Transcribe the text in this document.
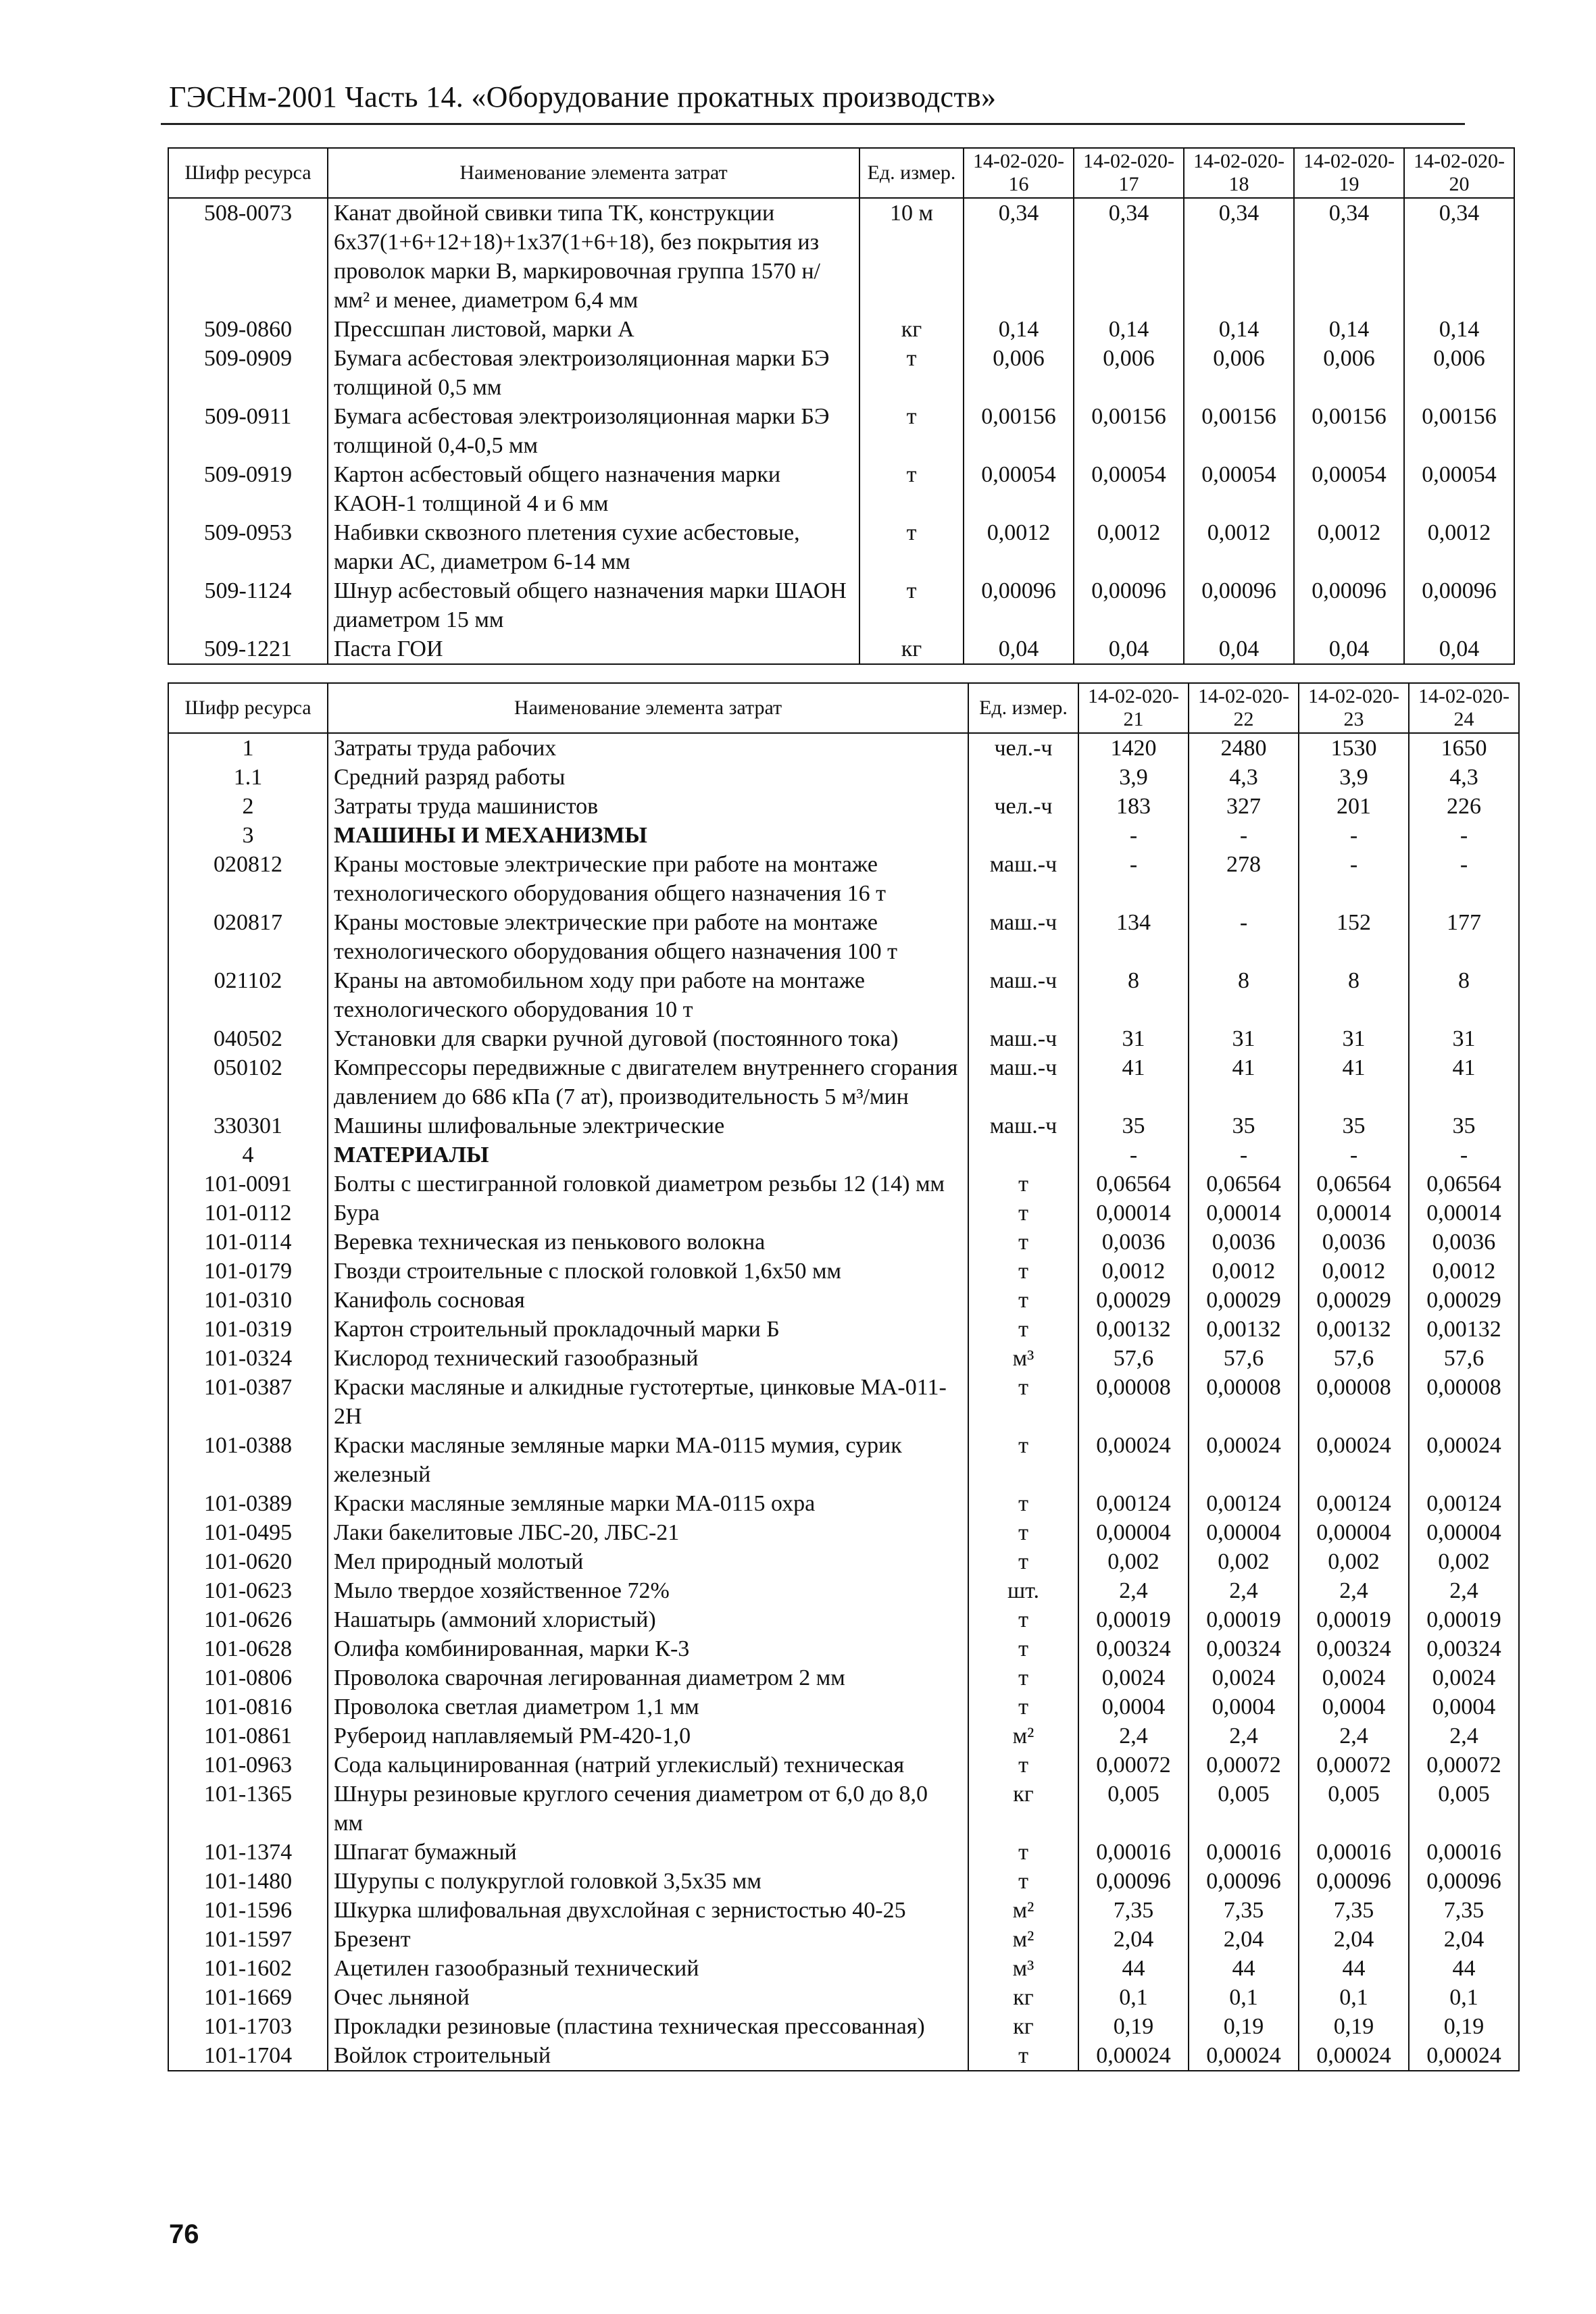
ГЭСНм-2001 Часть 14. «Оборудование прокатных производств»
Шифр ресурса	Наименование элемента затрат	Ед. измер.	14-02-020-16	14-02-020-17	14-02-020-18	14-02-020-19	14-02-020-20
508-0073	Канат двойной свивки типа ТК, конструкции 6х37(1+6+12+18)+1х37(1+6+18), без покрытия из проволок марки В, маркировочная группа 1570 н/мм² и менее, диаметром 6,4 мм	10 м	0,34	0,34	0,34	0,34	0,34
509-0860	Прессшпан листовой, марки А	кг	0,14	0,14	0,14	0,14	0,14
509-0909	Бумага асбестовая электроизоляционная марки БЭ толщиной 0,5 мм	т	0,006	0,006	0,006	0,006	0,006
509-0911	Бумага асбестовая электроизоляционная марки БЭ толщиной 0,4-0,5 мм	т	0,00156	0,00156	0,00156	0,00156	0,00156
509-0919	Картон асбестовый общего назначения марки КАОН-1 толщиной 4 и 6 мм	т	0,00054	0,00054	0,00054	0,00054	0,00054
509-0953	Набивки сквозного плетения сухие асбестовые, марки АС, диаметром 6-14 мм	т	0,0012	0,0012	0,0012	0,0012	0,0012
509-1124	Шнур асбестовый общего назначения марки ШАОН диаметром 15 мм	т	0,00096	0,00096	0,00096	0,00096	0,00096
509-1221	Паста ГОИ	кг	0,04	0,04	0,04	0,04	0,04
Шифр ресурса	Наименование элемента затрат	Ед. измер.	14-02-020-21	14-02-020-22	14-02-020-23	14-02-020-24
1	Затраты труда рабочих	чел.-ч	1420	2480	1530	1650
1.1	Средний разряд работы		3,9	4,3	3,9	4,3
2	Затраты труда машинистов	чел.-ч	183	327	201	226
3	МАШИНЫ И МЕХАНИЗМЫ		-	-	-	-
020812	Краны мостовые электрические при работе на монтаже технологического оборудования общего назначения 16 т	маш.-ч	-	278	-	-
020817	Краны мостовые электрические при работе на монтаже технологического оборудования общего назначения 100 т	маш.-ч	134	-	152	177
021102	Краны на автомобильном ходу при работе на монтаже технологического оборудования 10 т	маш.-ч	8	8	8	8
040502	Установки для сварки ручной дуговой (постоянного тока)	маш.-ч	31	31	31	31
050102	Компрессоры передвижные с двигателем внутреннего сгорания давлением до 686 кПа (7 ат), производительность 5 м³/мин	маш.-ч	41	41	41	41
330301	Машины шлифовальные электрические	маш.-ч	35	35	35	35
4	МАТЕРИАЛЫ		-	-	-	-
101-0091	Болты с шестигранной головкой диаметром резьбы 12 (14) мм	т	0,06564	0,06564	0,06564	0,06564
101-0112	Бура	т	0,00014	0,00014	0,00014	0,00014
101-0114	Веревка техническая из пенькового волокна	т	0,0036	0,0036	0,0036	0,0036
101-0179	Гвозди строительные с плоской головкой 1,6х50 мм	т	0,0012	0,0012	0,0012	0,0012
101-0310	Канифоль сосновая	т	0,00029	0,00029	0,00029	0,00029
101-0319	Картон строительный прокладочный марки Б	т	0,00132	0,00132	0,00132	0,00132
101-0324	Кислород технический газообразный	м³	57,6	57,6	57,6	57,6
101-0387	Краски масляные и алкидные густотертые, цинковые МА-011-2Н	т	0,00008	0,00008	0,00008	0,00008
101-0388	Краски масляные земляные марки МА-0115 мумия, сурик железный	т	0,00024	0,00024	0,00024	0,00024
101-0389	Краски масляные земляные марки МА-0115 охра	т	0,00124	0,00124	0,00124	0,00124
101-0495	Лаки бакелитовые ЛБС-20, ЛБС-21	т	0,00004	0,00004	0,00004	0,00004
101-0620	Мел природный молотый	т	0,002	0,002	0,002	0,002
101-0623	Мыло твердое хозяйственное 72%	шт.	2,4	2,4	2,4	2,4
101-0626	Нашатырь (аммоний хлористый)	т	0,00019	0,00019	0,00019	0,00019
101-0628	Олифа комбинированная, марки К-3	т	0,00324	0,00324	0,00324	0,00324
101-0806	Проволока сварочная легированная диаметром 2 мм	т	0,0024	0,0024	0,0024	0,0024
101-0816	Проволока светлая диаметром 1,1 мм	т	0,0004	0,0004	0,0004	0,0004
101-0861	Рубероид наплавляемый РМ-420-1,0	м²	2,4	2,4	2,4	2,4
101-0963	Сода кальцинированная (натрий углекислый) техническая	т	0,00072	0,00072	0,00072	0,00072
101-1365	Шнуры резиновые круглого сечения диаметром от 6,0 до 8,0 мм	кг	0,005	0,005	0,005	0,005
101-1374	Шпагат бумажный	т	0,00016	0,00016	0,00016	0,00016
101-1480	Шурупы с полукруглой головкой 3,5х35 мм	т	0,00096	0,00096	0,00096	0,00096
101-1596	Шкурка шлифовальная двухслойная с зернистостью 40-25	м²	7,35	7,35	7,35	7,35
101-1597	Брезент	м²	2,04	2,04	2,04	2,04
101-1602	Ацетилен газообразный технический	м³	44	44	44	44
101-1669	Очес льняной	кг	0,1	0,1	0,1	0,1
101-1703	Прокладки резиновые (пластина техническая прессованная)	кг	0,19	0,19	0,19	0,19
101-1704	Войлок строительный	т	0,00024	0,00024	0,00024	0,00024
76
